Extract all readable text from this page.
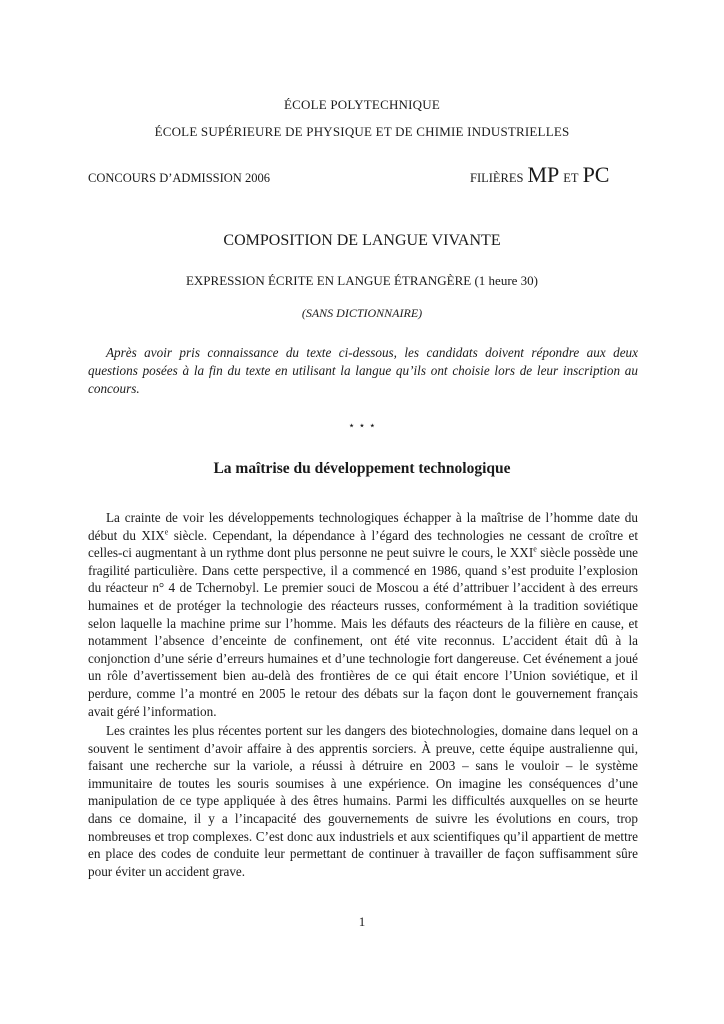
ÉCOLE POLYTECHNIQUE
ÉCOLE SUPÉRIEURE DE PHYSIQUE ET DE CHIMIE INDUSTRIELLES
CONCOURS D’ADMISSION 2006	FILIÈRES MP ET PC
COMPOSITION DE LANGUE VIVANTE
EXPRESSION ÉCRITE EN LANGUE ÉTRANGÈRE (1 heure 30)
(SANS DICTIONNAIRE)

Après avoir pris connaissance du texte ci-dessous, les candidats doivent répondre aux deux questions posées à la fin du texte en utilisant la langue qu’ils ont choisie lors de leur inscription au concours.

⋆ ⋆ ⋆
La maîtrise du développement technologique

La crainte de voir les développements technologiques échapper à la maîtrise de l’homme date du début du XIXe siècle. Cependant, la dépendance à l’égard des technologies ne cessant de croître et celles-ci augmentant à un rythme dont plus personne ne peut suivre le cours, le XXIe siècle possède une fragilité particulière. Dans cette perspective, il a commencé en 1986, quand s’est produite l’explosion du réacteur n° 4 de Tchernobyl. Le premier souci de Moscou a été d’attribuer l’accident à des erreurs humaines et de protéger la technologie des réacteurs russes, conformément à la tradition soviétique selon laquelle la machine prime sur l’homme. Mais les défauts des réacteurs de la filière en cause, et notamment l’absence d’enceinte de confinement, ont été vite reconnus. L’accident était dû à la conjonction d’une série d’erreurs humaines et d’une technologie fort dangereuse. Cet événement a joué un rôle d’avertissement bien au-delà des frontières de ce qui était encore l’Union soviétique, et il perdure, comme l’a montré en 2005 le retour des débats sur la façon dont le gouvernement français avait géré l’information.

Les craintes les plus récentes portent sur les dangers des biotechnologies, domaine dans lequel on a souvent le sentiment d’avoir affaire à des apprentis sorciers. À preuve, cette équipe australienne qui, faisant une recherche sur la variole, a réussi à détruire en 2003 – sans le vouloir – le système immunitaire de toutes les souris soumises à une expérience. On imagine les conséquences d’une manipulation de ce type appliquée à des êtres humains. Parmi les difficultés auxquelles on se heurte dans ce domaine, il y a l’incapacité des gouvernements de suivre les évolutions en cours, trop nombreuses et trop complexes. C’est donc aux industriels et aux scientifiques qu’il appartient de mettre en place des codes de conduite leur permettant de continuer à travailler de façon suffisamment sûre pour éviter un accident grave.

1
